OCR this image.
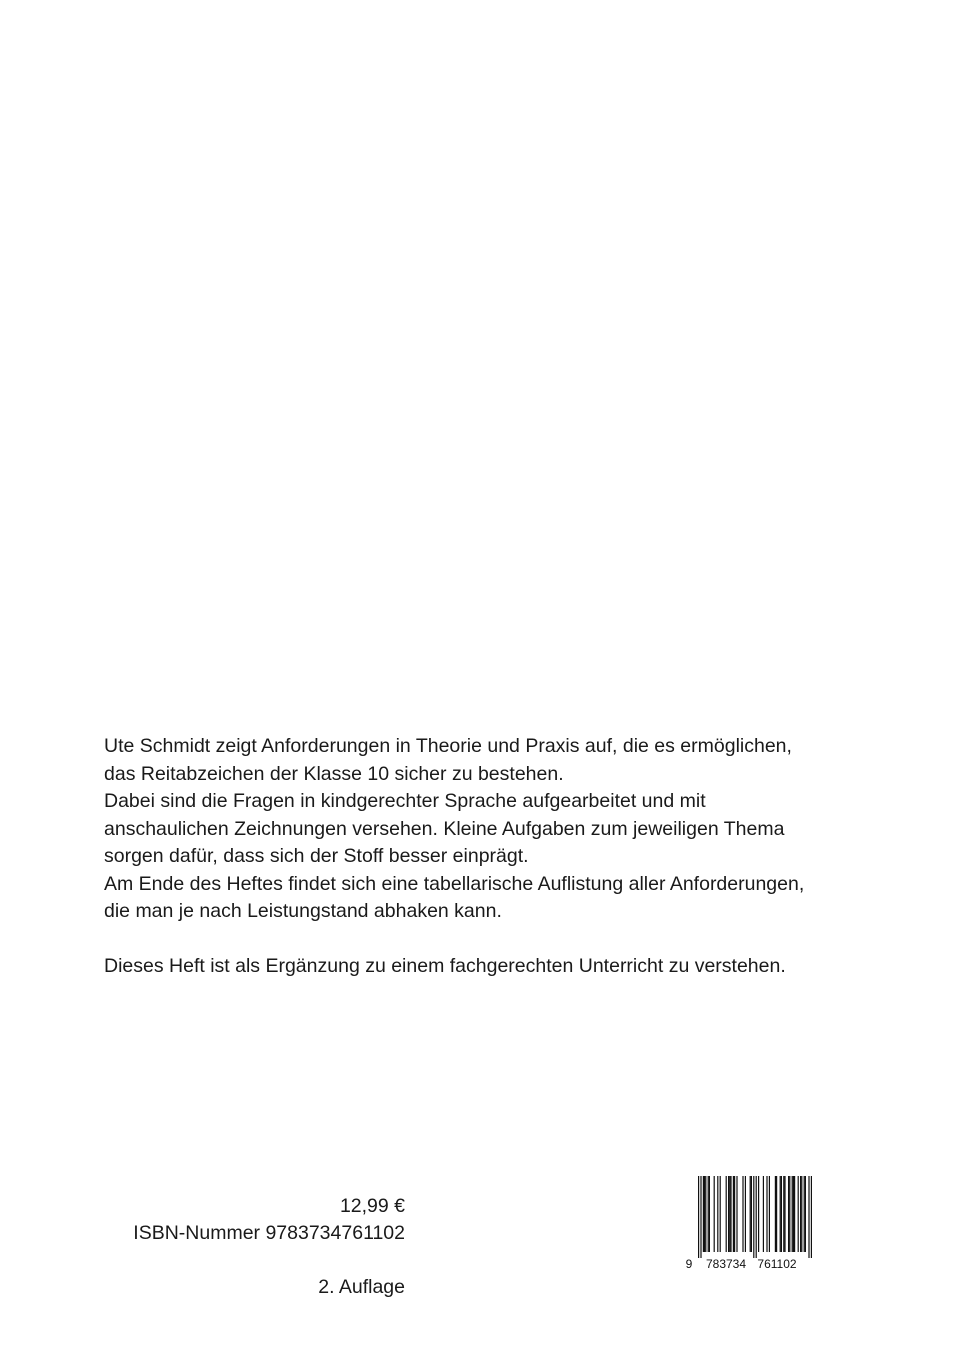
Ute Schmidt zeigt Anforderungen in Theorie und Praxis auf, die es ermöglichen,

das Reitabzeichen der Klasse 10 sicher zu bestehen.

Dabei sind die Fragen in kindgerechter Sprache aufgearbeitet und mit

anschaulichen Zeichnungen versehen. Kleine Aufgaben zum jeweiligen Thema

sorgen dafür, dass sich der Stoff besser einprägt.

Am Ende des Heftes findet sich eine tabellarische Auflistung aller Anforderungen,

die man je nach Leistungstand abhaken kann.

Dieses Heft ist als Ergänzung zu einem fachgerechten Unterricht zu verstehen.

12,99 €
ISBN-Nummer 9783734761102
2. Auflage
9 783734 761102
